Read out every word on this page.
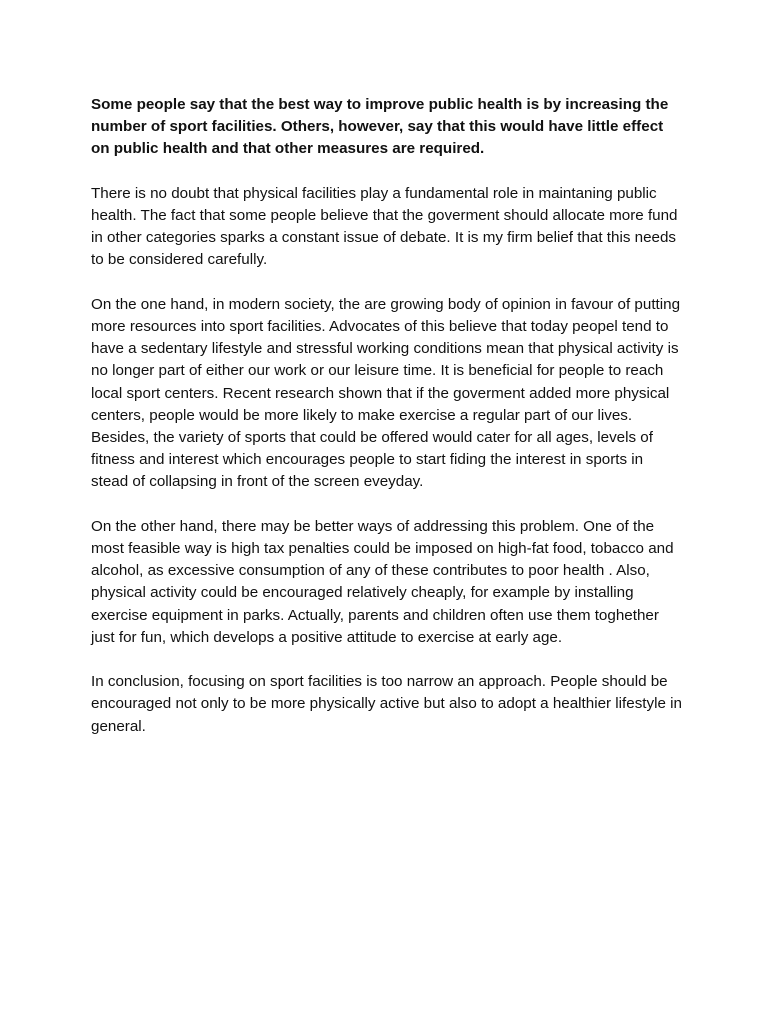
Some people say that the best way to improve public health is by increasing the number of sport facilities. Others, however, say that this would have little effect on public health and that other measures are required.

There is no doubt that physical facilities play a fundamental role in maintaning public health. The fact that some people believe that the goverment should allocate more fund in other categories sparks a constant issue of debate. It is my firm belief that this needs to be considered carefully.

On the one hand, in modern society, the are growing body of opinion in favour of putting more resources into sport facilities. Advocates of this believe that today peopel tend to have a sedentary lifestyle and stressful working conditions mean that physical activity is no longer part of either our work or our leisure time. It is beneficial for people to reach local sport centers. Recent research shown that if the goverment added more physical centers, people would be more likely to make exercise a regular part of our lives. Besides, the variety of sports that could be offered would cater for all ages, levels of fitness and interest which encourages people to start fiding the interest in sports in stead of collapsing in front of the screen eveyday.

On the other hand, there may be better ways of addressing this problem. One of the most feasible way is high tax penalties could be imposed on high-fat food, tobacco and alcohol, as excessive consumption of any of these contributes to poor health . Also, physical activity could be encouraged relatively cheaply, for example by installing exercise equipment in parks. Actually, parents and children often use them toghether just for fun, which develops a positive attitude to exercise at early age.

In conclusion, focusing on sport facilities is too narrow an approach. People should be encouraged not only to be more physically active but also to adopt a healthier lifestyle in general.
